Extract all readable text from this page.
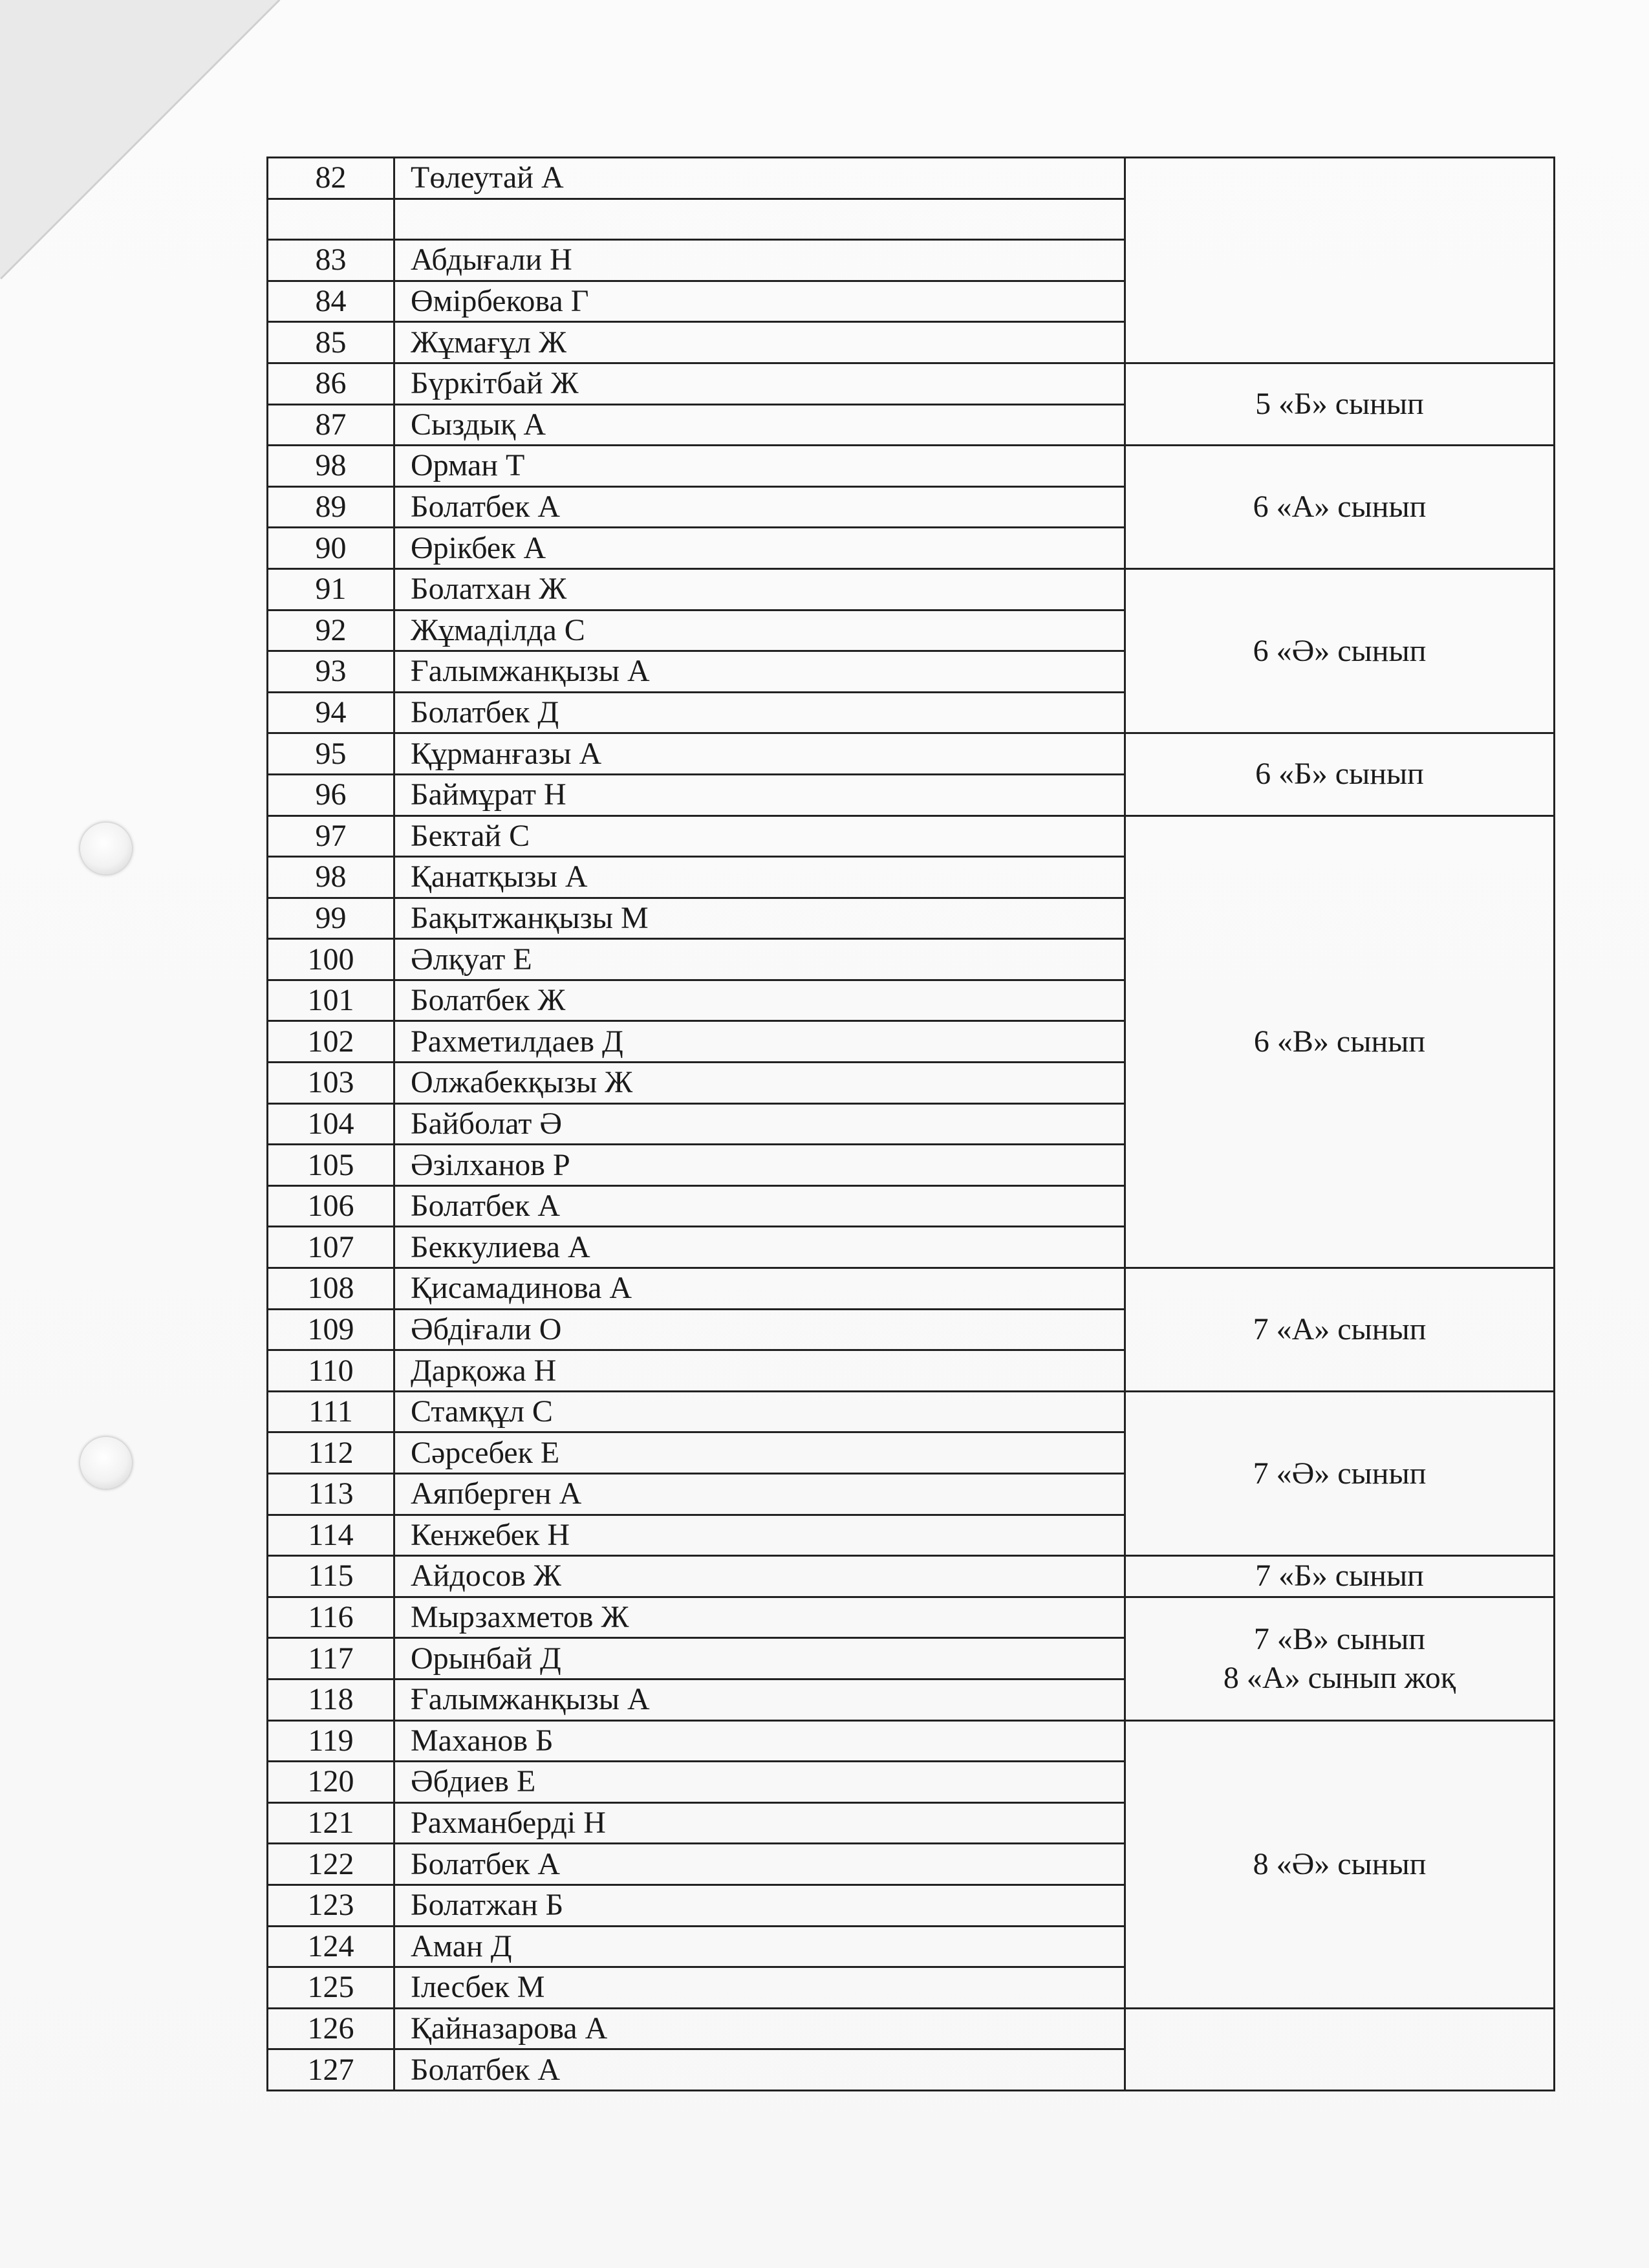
82	Төлеутай А	

83	Абдығали Н	
84	Өмірбекова Г	
85	Жұмағұл Ж	
86	Бүркітбай Ж	5 «Б» сынып

87	Сыздық А	
98	Орман Т	6 «А» сынып

89	Болатбек А	
90	Өрікбек А	
91	Болатхан Ж	6 «Ә» сынып

92	Жұмаділда С	
93	Ғалымжанқызы А	
94	Болатбек Д	
95	Құрманғазы А	6 «Б» сынып

96	Баймұрат Н	
97	Бектай С	6 «В» сынып

98	Қанатқызы А	
99	Бақытжанқызы М	
100	Әлқуат Е	
101	Болатбек Ж	
102	Рахметилдаев Д	
103	Олжабекқызы Ж	
104	Байболат Ә	
105	Әзілханов Р	
106	Болатбек А	
107	Беккулиева А	
108	Қисамадинова А	7 «А» сынып

109	Әбдіғали О	
110	Дарқожа Н	
111	Стамқұл С	7 «Ә» сынып

112	Сәрсебек Е	
113	Аяпберген А	
114	Кенжебек Н	
115	Айдосов Ж	7 «Б» сынып

116	Мырзахметов Ж	7 «В» сынып
8 «А» сынып жоқ

117	Орынбай Д	
118	Ғалымжанқызы А	
119	Маханов Б	8 «Ә» сынып

120	Әбдиев Е	
121	Рахманберді Н	
122	Болатбек А	
123	Болатжан Б	
124	Аман Д	
125	Ілесбек М	
126	Қайназарова А	
127	Болатбек А	
